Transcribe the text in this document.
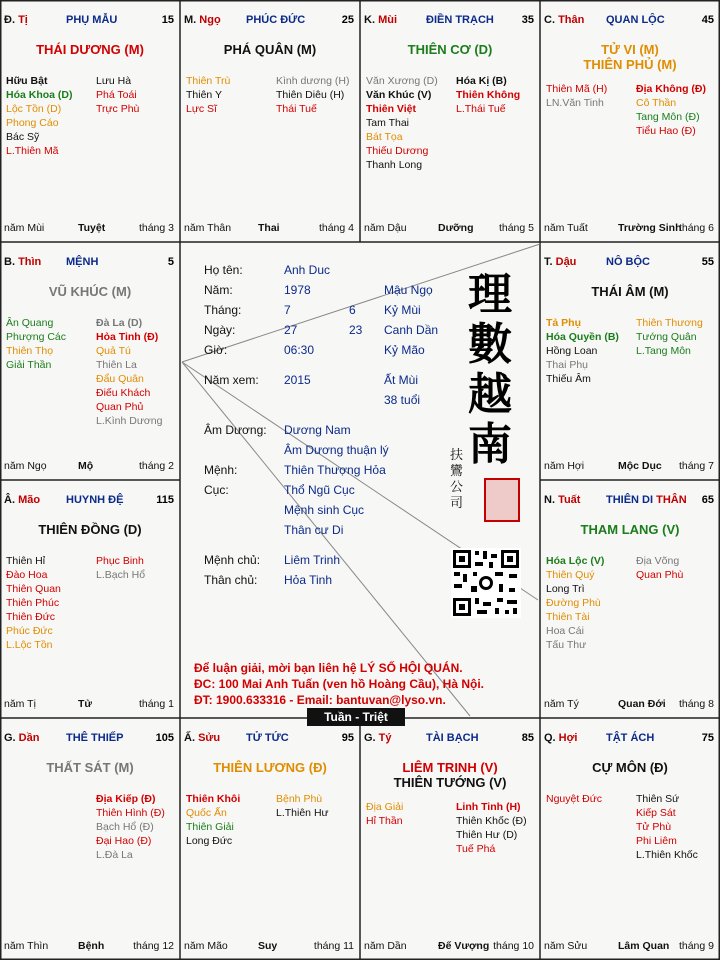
Đ. Tị	PHỤ MẪU	15
THÁI DƯƠNG (M)
Hữu Bật
Hóa Khoa (D)
Lộc Tồn (D)
Phong Cáo
Bác Sỹ
L.Thiên Mã
Lưu Hà
Phá Toái
Trực Phù
năm Mùi	Tuyệt	tháng 3
M. Ngọ PHÚC ĐỨC	25
PHÁ QUÂN (M)
Thiên Trù
Thiên Y
Lực Sĩ
Kình dương (H)
Thiên Diêu (H)
Thái Tuế
năm Thân	Thai	tháng 4
K. Mùi	ĐIỀN TRẠCH	35
THIÊN CƠ (D)
Văn Xương (D)
Văn Khúc (V)
Thiên Việt
Tam Thai
Bát Tọa
Thiếu Dương
Thanh Long
Hóa Kị (B)
Thiên Không
L.Thái Tuế
năm Dậu	Dưỡng tháng 5
C. Thân QUAN LỘC	45
TỬ VI (M)
THIÊN PHỦ (M)
Thiên Mã (H)
LN.Văn Tinh
Địa Không (Đ)
Cô Thần
Tang Môn (Đ)
Tiểu Hao (Đ)
năm Tuất	Trường Sinh
tháng 6
B. Thìn MỆNH	5
VŨ KHÚC (M)
Ân Quang
Phượng Các
Thiên Thọ
Giải Thần
Đà La (D)
Hỏa Tinh (Đ)
Quả Tú
Thiên La
Đẩu Quân
Điếu Khách
Quan Phủ
L.Kình Dương
năm Ngọ	Mộ	tháng 2
T. Dậu	NÔ BỘC	55
THÁI ÂM (M)
Tả Phụ
Hóa Quyền (B)
Hồng Loan
Thai Phụ
Thiếu Âm
Thiên Thương
Tướng Quân
L.Tang Môn
năm Hợi	Mộc Dục tháng 7
Â. Mão HUYNH ĐỆ	115
THIÊN ĐỒNG (D)
Thiên Hỉ
Đào Hoa
Thiên Quan
Thiên Phúc
Thiên Đức
Phúc Đức
L.Lộc Tồn
Phục Binh
L.Bạch Hổ
năm Tị	Tử	tháng 1
N. Tuất THIÊN DI THÂN 65
THAM LANG (V)
Hóa Lộc (V)
Thiên Quý
Long Trì
Đường Phù
Thiên Tài
Hoa Cái
Tấu Thư
Địa Võng
Quan Phù
năm Tý	Quan Đới tháng 8
G. Dần THÊ THIẾP	105
THẤT SÁT (M)
Địa Kiếp (Đ)
Thiên Hình (Đ)
Bạch Hổ (Đ)
Đại Hao (Đ)
L.Đà La
năm Thìn	Bệnh	tháng 12
Ấ. Sửu TỬ TỨC	95
THIÊN LƯƠNG (Đ)
Thiên Khôi
Quốc Ấn
Thiên Giải
Long Đức
Bệnh Phù
L.Thiên Hư
năm Mão	Suy	tháng 11
G. Tý	TÀI BẠCH	85
LIÊM TRINH (V)
THIÊN TƯỚNG (V)
Địa Giải
Hỉ Thần
Linh Tinh (H)
Thiên Khốc (Đ)
Thiên Hư (D)
Tuế Phá
năm Dần	Đế Vượng tháng 10
Q. Hợi	TẬT ÁCH	75
CỰ MÔN (Đ)
Nguyệt Đức	Thiên Sứ
Kiếp Sát
Tử Phù
Phi Liêm
L.Thiên Khốc
năm Sửu	Lâm Quan tháng 9
Họ tên:	Anh Duc
Năm:	1978	Mậu Ngọ
Tháng:	7	6 Kỷ Mùi
Ngày:	27	23 Canh Dần
Giờ:	06:30	Kỷ Mão
Năm xem: 2015	Ất Mùi
38 tuổi
Âm Dương: Dương Nam
Âm Dương thuận lý
Mệnh:	Thiên Thượng Hỏa
Cục:	Thổ Ngũ Cục
Mệnh sinh Cục
Thân cư Di
Mệnh chủ: Liêm Trinh
Thân chủ: Hỏa Tinh
理
數
越
南
扶
鸞
公
司
Để luận giải, mời bạn liên hệ LÝ SỐ HỘI QUÁN.
ĐC: 100 Mai Anh Tuấn (ven hồ Hoàng Cầu), Hà Nội.
ĐT: 1900.633316 - Email: bantuvan@lyso.vn.
Tuần - Triệt
